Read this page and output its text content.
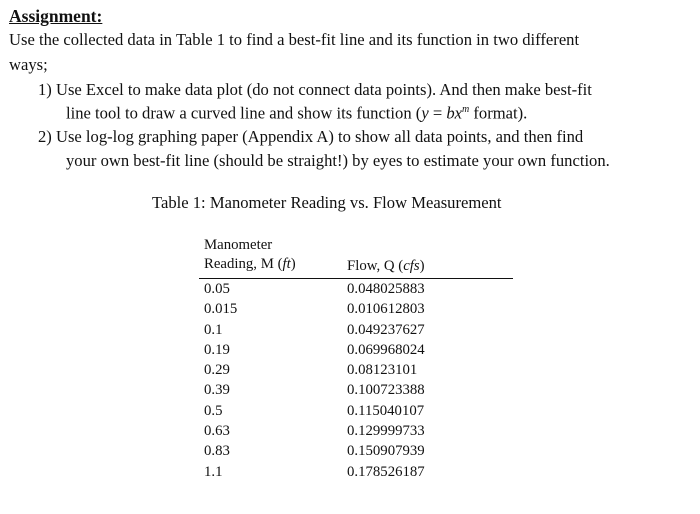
Assignment:
Use the collected data in Table 1 to find a best-fit line and its function in two different
ways;
1) Use Excel to make data plot (do not connect data points). And then make best-fit
line tool to draw a curved line and show its function ($y = bx^m$ format).
2) Use log-log graphing paper (Appendix A) to show all data points, and then find
your own best-fit line (should be straight!) by eyes to estimate your own function.
Table 1: Manometer Reading vs. Flow Measurement
Manometer
Reading, M (ft)	Flow, Q (cfs)
0.05	0.048025883
0.015	0.010612803
0.1	0.049237627
0.19	0.069968024
0.29	0.08123101
0.39	0.100723388
0.5	0.115040107
0.63	0.129999733
0.83	0.150907939
1.1	0.178526187
